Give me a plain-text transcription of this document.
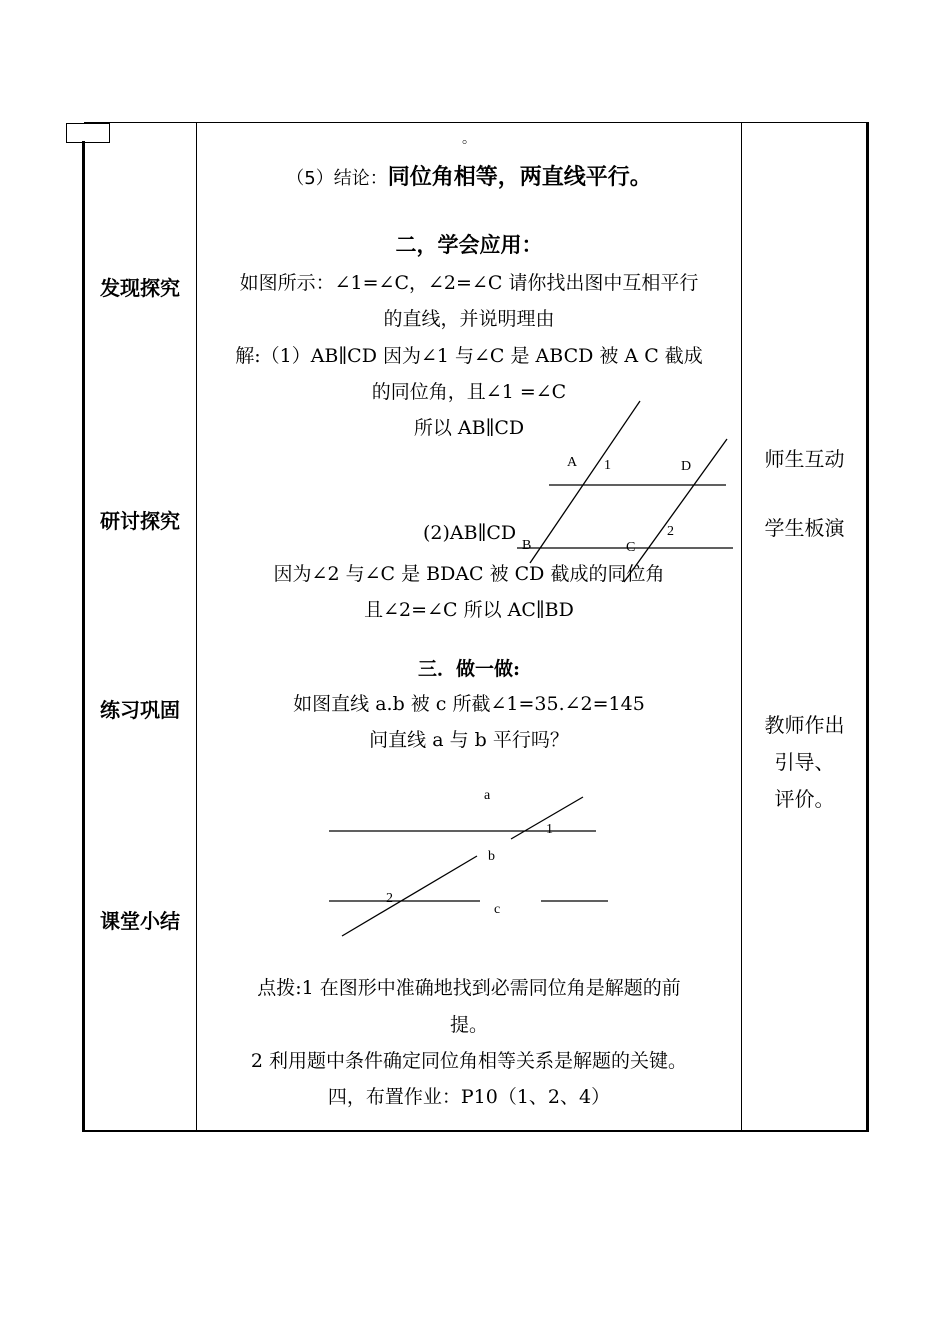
发现探究
研讨探究
练习巩固
课堂小结
师生互动
学生板演
教师作出
引导、
评价。
。
（5）结论：同位角相等，两直线平行。
二，学会应用：
如图所示：∠1=∠C，∠2=∠C 请你找出图中互相平行
的直线，并说明理由
解:（1）AB∥CD 因为∠1 与∠C 是 ABCD 被 A C 截成
的同位角，且∠1 =∠C
所以 AB∥CD
A 1	D
B
2
C
(2)AB∥CD
因为∠2 与∠C 是 BDAC 被 CD 截成的同位角
且∠2=∠C 所以 AC∥BD
三．做一做:
如图直线 a.b 被 c 所截∠1=35.∠2=145
问直线 a 与 b 平行吗？
a
1
b
2
c
点拨:1 在图形中准确地找到必需同位角是解题的前
提。
2 利用题中条件确定同位角相等关系是解题的关键。
四，布置作业：P10（1、2、4）
